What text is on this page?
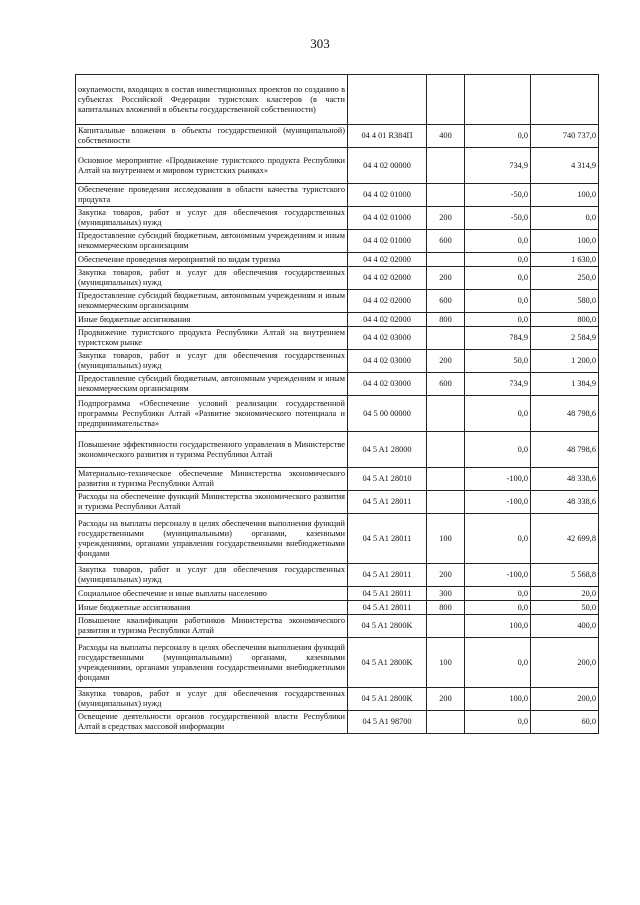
303
окупаемости, входящих в состав инвестиционных проектов по созданию в субъектах Российской Федерации туристских кластеров (в части капитальных вложений в объекты государственной собственности)				
Капитальные вложения в объекты государственной (муниципальной) собственности	04 4 01 R384П	400	0,0	740 737,0
Основное мероприятие «Продвижение туристского продукта Республики Алтай на внутреннем и мировом туристских рынках»	04 4 02 00000		734,9	4 314,9
Обеспечение проведения исследования в области качества туристского продукта	04 4 02 01000		-50,0	100,0
Закупка товаров, работ и услуг для обеспечения государственных (муниципальных) нужд	04 4 02 01000	200	-50,0	0,0
Предоставление субсидий бюджетным, автономным учреждениям и иным некоммерческим организациям	04 4 02 01000	600	0,0	100,0
Обеспечение проведения мероприятий по видам туризма	04 4 02 02000		0,0	1 630,0
Закупка товаров, работ и услуг для обеспечения государственных (муниципальных) нужд	04 4 02 02000	200	0,0	250,0
Предоставление субсидий бюджетным, автономным учреждениям и иным некоммерческим организациям	04 4 02 02000	600	0,0	580,0
Иные бюджетные ассигнования	04 4 02 02000	800	0,0	800,0
Продвижение туристского продукта Республики Алтай на внутреннем туристском рынке	04 4 02 03000		784,9	2 584,9
Закупка товаров, работ и услуг для обеспечения государственных (муниципальных) нужд	04 4 02 03000	200	50,0	1 200,0
Предоставление субсидий бюджетным, автономным учреждениям и иным некоммерческим организациям	04 4 02 03000	600	734,9	1 384,9
Подпрограмма «Обеспечение условий реализации государственной программы Республики Алтай «Развитие экономического потенциала и предпринимательства»	04 5 00 00000		0,0	48 798,6
Повышение эффективности государственного управления в Министерстве экономического развития и туризма Республики Алтай	04 5 A1 28000		0,0	48 798,6
Материально-техническое обеспечение Министерства экономического развития и туризма Республики Алтай	04 5 A1 28010		-100,0	48 338,6
Расходы на обеспечение функций Министерства экономического развития и туризма Республики Алтай	04 5 A1 28011		-100,0	48 338,6
Расходы на выплаты персоналу в целях обеспечения выполнения функций государственными (муниципальными) органами, казенными учреждениями, органами управления государственными внебюджетными фондами	04 5 A1 28011	100	0,0	42 699,8
Закупка товаров, работ и услуг для обеспечения государственных (муниципальных) нужд	04 5 A1 28011	200	-100,0	5 568,8
Социальное обеспечение и иные выплаты населению	04 5 A1 28011	300	0,0	20,0
Иные бюджетные ассигнования	04 5 A1 28011	800	0,0	50,0
Повышение квалификации работников Министерства экономического развития и туризма Республики Алтай	04 5 A1 2800K		100,0	400,0
Расходы на выплаты персоналу в целях обеспечения выполнения функций государственными (муниципальными) органами, казенными учреждениями, органами управления государственными внебюджетными фондами	04 5 A1 2800K	100	0,0	200,0
Закупка товаров, работ и услуг для обеспечения государственных (муниципальных) нужд	04 5 A1 2800K	200	100,0	200,0
Освещение деятельности органов государственной власти Республики Алтай в средствах массовой информации	04 5 A1 98700		0,0	60,0
